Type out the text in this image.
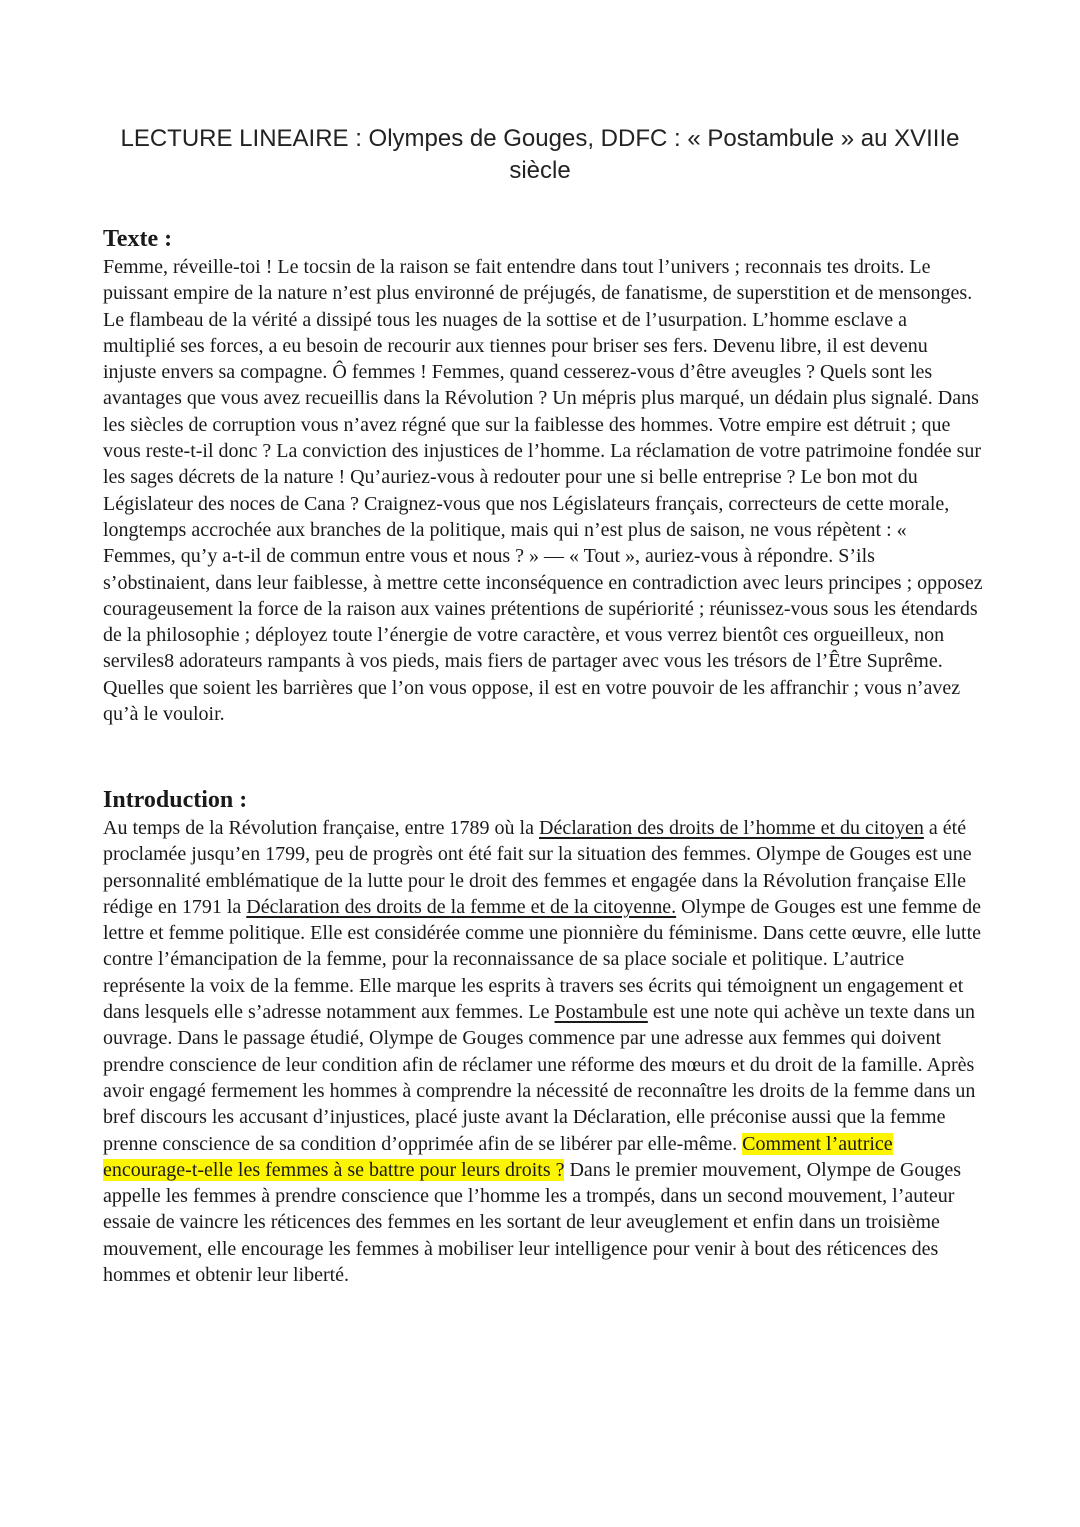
LECTURE LINEAIRE : Olympes de Gouges, DDFC : « Postambule » au XVIIIe siècle
Texte :

Femme, réveille-toi ! Le tocsin de la raison se fait entendre dans tout l’univers ; reconnais tes droits. Le puissant empire de la nature n’est plus environné de préjugés, de fanatisme, de superstition et de mensonges. Le flambeau de la vérité a dissipé tous les nuages de la sottise et de l’usurpation. L’homme esclave a multiplié ses forces, a eu besoin de recourir aux tiennes pour briser ses fers. Devenu libre, il est devenu injuste envers sa compagne. Ô femmes ! Femmes, quand cesserez-vous d’être aveugles ? Quels sont les avantages que vous avez recueillis dans la Révolution ? Un mépris plus marqué, un dédain plus signalé. Dans les siècles de corruption vous n’avez régné que sur la faiblesse des hommes. Votre empire est détruit ; que vous reste-t-il donc ? La conviction des injustices de l’homme. La réclamation de votre patrimoine fondée sur les sages décrets de la nature ! Qu’auriez-vous à redouter pour une si belle entreprise ? Le bon mot du Législateur des noces de Cana ? Craignez-vous que nos Législateurs français, correcteurs de cette morale, longtemps accrochée aux branches de la politique, mais qui n’est plus de saison, ne vous répètent : « Femmes, qu’y a-t-il de commun entre vous et nous ? » — « Tout », auriez-vous à répondre. S’ils s’obstinaient, dans leur faiblesse, à mettre cette inconséquence en contradiction avec leurs principes ; opposez courageusement la force de la raison aux vaines prétentions de supériorité ; réunissez-vous sous les étendards de la philosophie ; déployez toute l’énergie de votre caractère, et vous verrez bientôt ces orgueilleux, non serviles8 adorateurs rampants à vos pieds, mais fiers de partager avec vous les trésors de l’Être Suprême. Quelles que soient les barrières que l’on vous oppose, il est en votre pouvoir de les affranchir ; vous n’avez qu’à le vouloir.

Introduction :

Au temps de la Révolution française, entre 1789 où la Déclaration des droits de l’homme et du citoyen a été proclamée jusqu’en 1799, peu de progrès ont été fait sur la situation des femmes. Olympe de Gouges est une personnalité emblématique de la lutte pour le droit des femmes et engagée dans la Révolution française Elle rédige en 1791 la Déclaration des droits de la femme et de la citoyenne. Olympe de Gouges est une femme de lettre et femme politique. Elle est considérée comme une pionnière du féminisme. Dans cette œuvre, elle lutte contre l’émancipation de la femme, pour la reconnaissance de sa place sociale et politique. L’autrice représente la voix de la femme. Elle marque les esprits à travers ses écrits qui témoignent un engagement et dans lesquels elle s’adresse notamment aux femmes. Le Postambule est une note qui achève un texte dans un ouvrage. Dans le passage étudié, Olympe de Gouges commence par une adresse aux femmes qui doivent prendre conscience de leur condition afin de réclamer une réforme des mœurs et du droit de la famille. Après avoir engagé fermement les hommes à comprendre la nécessité de reconnaître les droits de la femme dans un bref discours les accusant d’injustices, placé juste avant la Déclaration, elle préconise aussi que la femme prenne conscience de sa condition d’opprimée afin de se libérer par elle-même. Comment l’autrice encourage-t-elle les femmes à se battre pour leurs droits ? Dans le premier mouvement, Olympe de Gouges appelle les femmes à prendre conscience que l’homme les a trompés, dans un second mouvement, l’auteur essaie de vaincre les réticences des femmes en les sortant de leur aveuglement et enfin dans un troisième mouvement, elle encourage les femmes à mobiliser leur intelligence pour venir à bout des réticences des hommes et obtenir leur liberté.
